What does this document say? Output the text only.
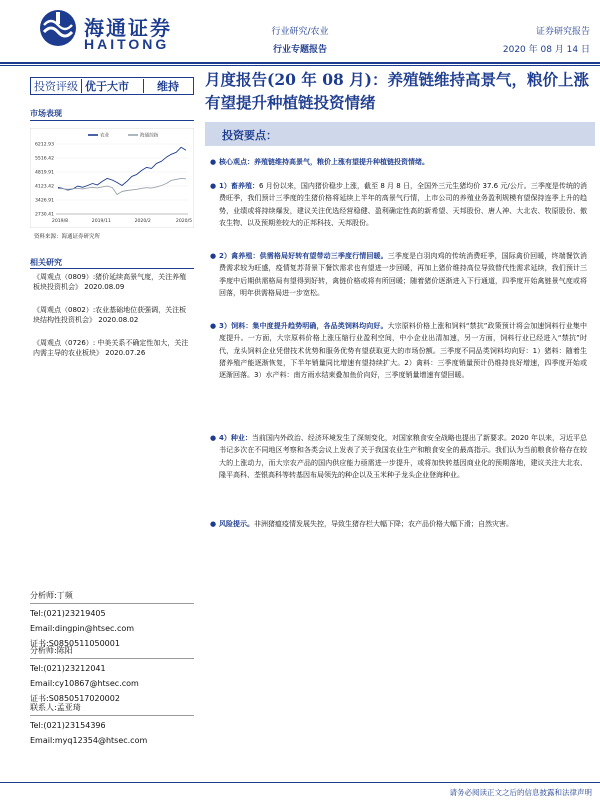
海通证券
HAITONG
行业研究/农业
行业专题报告
证券研究报告
2020 年 08 月 14 日
投资评级 优于大市	维持
市场表现
6212.93
5516.42
4819.91
4123.42
3426.91
2730.41
2019/8	2019/11	2020/2	2020/5
农业	海通综指
资料来源：海通证券研究所
相关研究
《周观点（0809）:猪价延续高景气度，关注养殖板块投资机会》 2020.08.09
《周观点（0802）:农业基础地位获强调，关注板块结构性投资机会》 2020.08.02
《周观点（0726）: 中美关系不确定性加大，关注内需主导的农业板块》 2020.07.26
分析师:丁频
Tel:(021)23219405
Email:dingpin@htsec.com
证书:S0850511050001
分析师:陈阳
Tel:(021)23212041
Email:cy10867@htsec.com
证书:S0850517020002
联系人:孟亚琦
Tel:(021)23154396
Email:myq12354@htsec.com
月度报告(20 年 08 月)：养殖链维持高景气，粮价上涨有望提升种植链投资情绪
投资要点：
● 核心观点：养殖链维持高景气，粮价上涨有望提升种植链投资情绪。
● 1）畜养殖：6 月份以来，国内猪价稳步上涨，截至 8 月 8 日，全国外三元生猪均价 37.6 元/公斤。三季度是传统的消费旺季，我们预计三季度的生猪价格将延续上半年的高景气行情，上市公司的养殖业务盈利规模有望保持连季上升的趋势，业绩或将持续爆发，建议关注优选经营稳健、盈利确定性高的新希望、天邦股份、唐人神、大北农、牧原股份、傲农生物、以及预期差较大的正邦科技、天邦股份。
● 2）禽养殖：供需格局好转有望带动三季度行情回暖。三季度是白羽肉鸡的传统消费旺季，国际禽价回暖，终端餐饮消费需求较为旺盛，疫情复苏背景下餐饮需求也有望进一步回暖，再加上猪价维持高位导致替代性需求延续，我们预计三季度中后期供需格局有望得到好转，禽链价格或将有所回暖；随着猪价逐渐进入下行通道，四季度开始禽链景气度或将回落，明年供需格局进一步宽松。
● 3）饲料：集中度提升趋势明确，各品类饲料均向好。大宗原料价格上涨和饲料“禁抗”政策预计将会加速饲料行业集中度提升。一方面，大宗原料价格上涨压缩行业盈利空间，中小企业出清加速，另一方面，饲料行业已经进入“禁抗”时代，龙头饲料企业凭借技术优势和服务优势有望获取更大的市场份额。三季度不同品类饲料均向好：1）猪料：随着生猪养殖产能逐渐恢复，下半年销量同比增速有望持续扩大。2）禽料：三季度销量预计仍维持良好增速，四季度开始或逐渐回落。3）水产料：南方雨水结束叠加鱼价向好，三季度销量增速有望回暖。
● 4）种业：当前国内外政治、经济环境发生了深刻变化，对国家粮食安全战略也提出了新要求。2020 年以来，习近平总书记多次在不同地区考察和各类会议上发表了关于我国农业生产和粮食安全的最高指示。我们认为当前粮食价格存在较大的上涨动力，而大宗农产品的国内供应能力亟需进一步提升，或将加快转基因商业化的预期落地，建议关注大北农、隆平高科、荃银高科等转基因布局领先的种企以及玉米种子龙头企业登海种业。
● 风险提示。非洲猪瘟疫情发展失控，导致生猪存栏大幅下降；农产品价格大幅下滑；自然灾害。
请务必阅读正文之后的信息披露和法律声明
